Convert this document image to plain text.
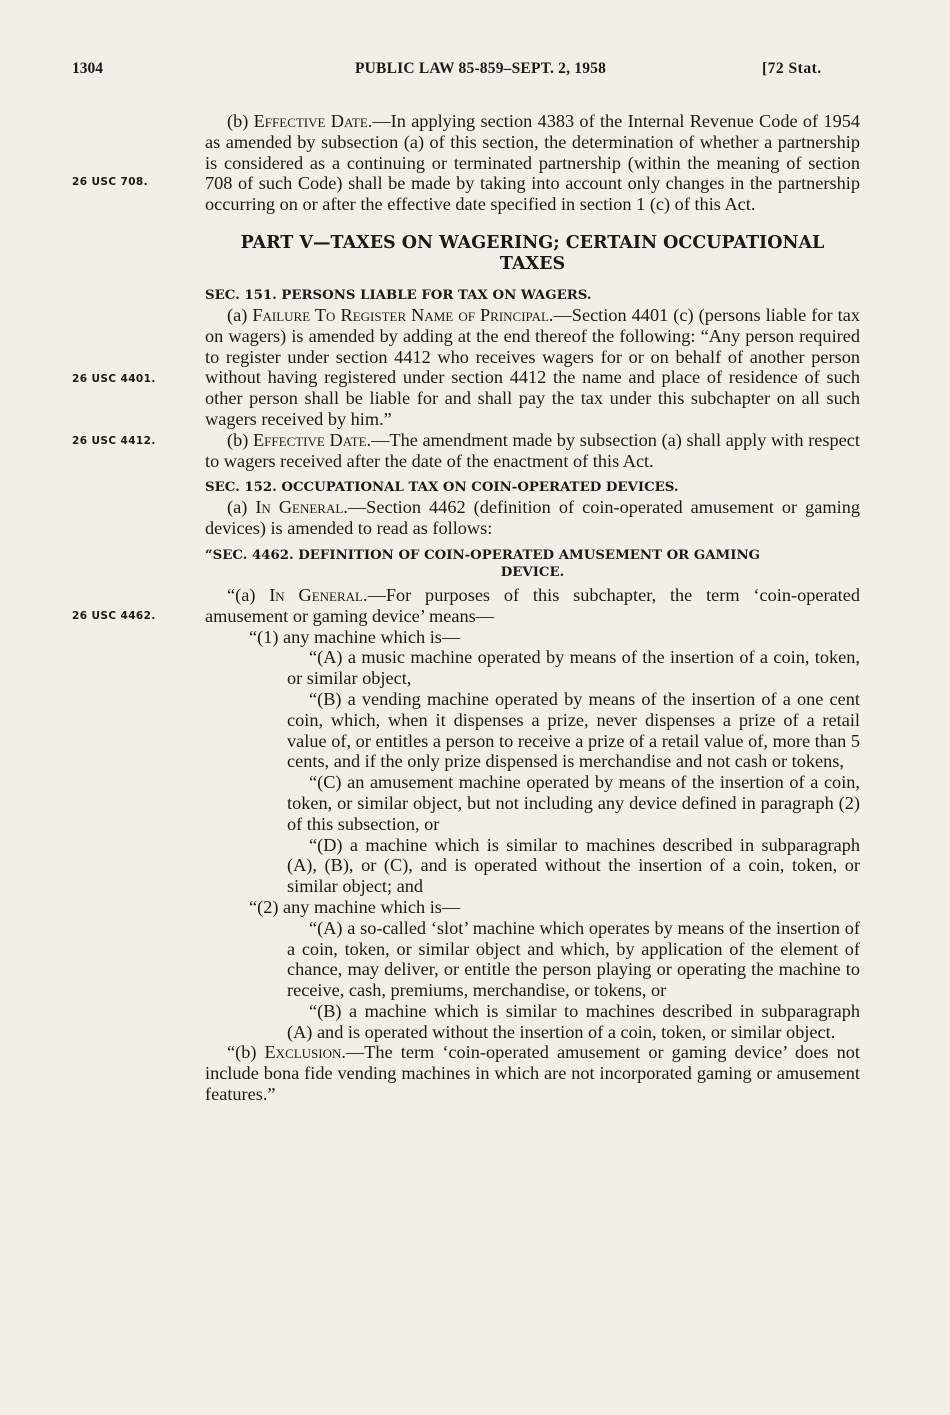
1304	PUBLIC LAW 85-859–SEPT. 2, 1958	[72 Stat.
26 USC 708.
26 USC 4401.
26 USC 4412.
26 USC 4462.

(b) Effective Date.—In applying section 4383 of the Internal Revenue Code of 1954 as amended by subsection (a) of this section, the determination of whether a partnership is considered as a continuing or terminated partnership (within the meaning of section 708 of such Code) shall be made by taking into account only changes in the partnership occurring on or after the effective date specified in section 1 (c) of this Act.

PART V—TAXES ON WAGERING; CERTAIN OCCUPATIONAL TAXES
SEC. 151. PERSONS LIABLE FOR TAX ON WAGERS.

(a) Failure To Register Name of Principal.—Section 4401 (c) (persons liable for tax on wagers) is amended by adding at the end thereof the following: “Any person required to register under section 4412 who receives wagers for or on behalf of another person without having registered under section 4412 the name and place of residence of such other person shall be liable for and shall pay the tax under this subchapter on all such wagers received by him.”

(b) Effective Date.—The amendment made by subsection (a) shall apply with respect to wagers received after the date of the enactment of this Act.

SEC. 152. OCCUPATIONAL TAX ON COIN-OPERATED DEVICES.

(a) In General.—Section 4462 (definition of coin-operated amusement or gaming devices) is amended to read as follows:

“SEC. 4462. DEFINITION OF COIN-OPERATED AMUSEMENT OR GAMING
DEVICE.

“(a) In General.—For purposes of this subchapter, the term ‘coin-operated amusement or gaming device’ means—

“(1) any machine which is—

“(A) a music machine operated by means of the insertion of a coin, token, or similar object,

“(B) a vending machine operated by means of the insertion of a one cent coin, which, when it dispenses a prize, never dispenses a prize of a retail value of, or entitles a person to receive a prize of a retail value of, more than 5 cents, and if the only prize dispensed is merchandise and not cash or tokens,

“(C) an amusement machine operated by means of the insertion of a coin, token, or similar object, but not including any device defined in paragraph (2) of this subsection, or

“(D) a machine which is similar to machines described in subparagraph (A), (B), or (C), and is operated without the insertion of a coin, token, or similar object; and

“(2) any machine which is—

“(A) a so-called ‘slot’ machine which operates by means of the insertion of a coin, token, or similar object and which, by application of the element of chance, may deliver, or entitle the person playing or operating the machine to receive, cash, premiums, merchandise, or tokens, or

“(B) a machine which is similar to machines described in subparagraph (A) and is operated without the insertion of a coin, token, or similar object.

“(b) Exclusion.—The term ‘coin-operated amusement or gaming device’ does not include bona fide vending machines in which are not incorporated gaming or amusement features.”
